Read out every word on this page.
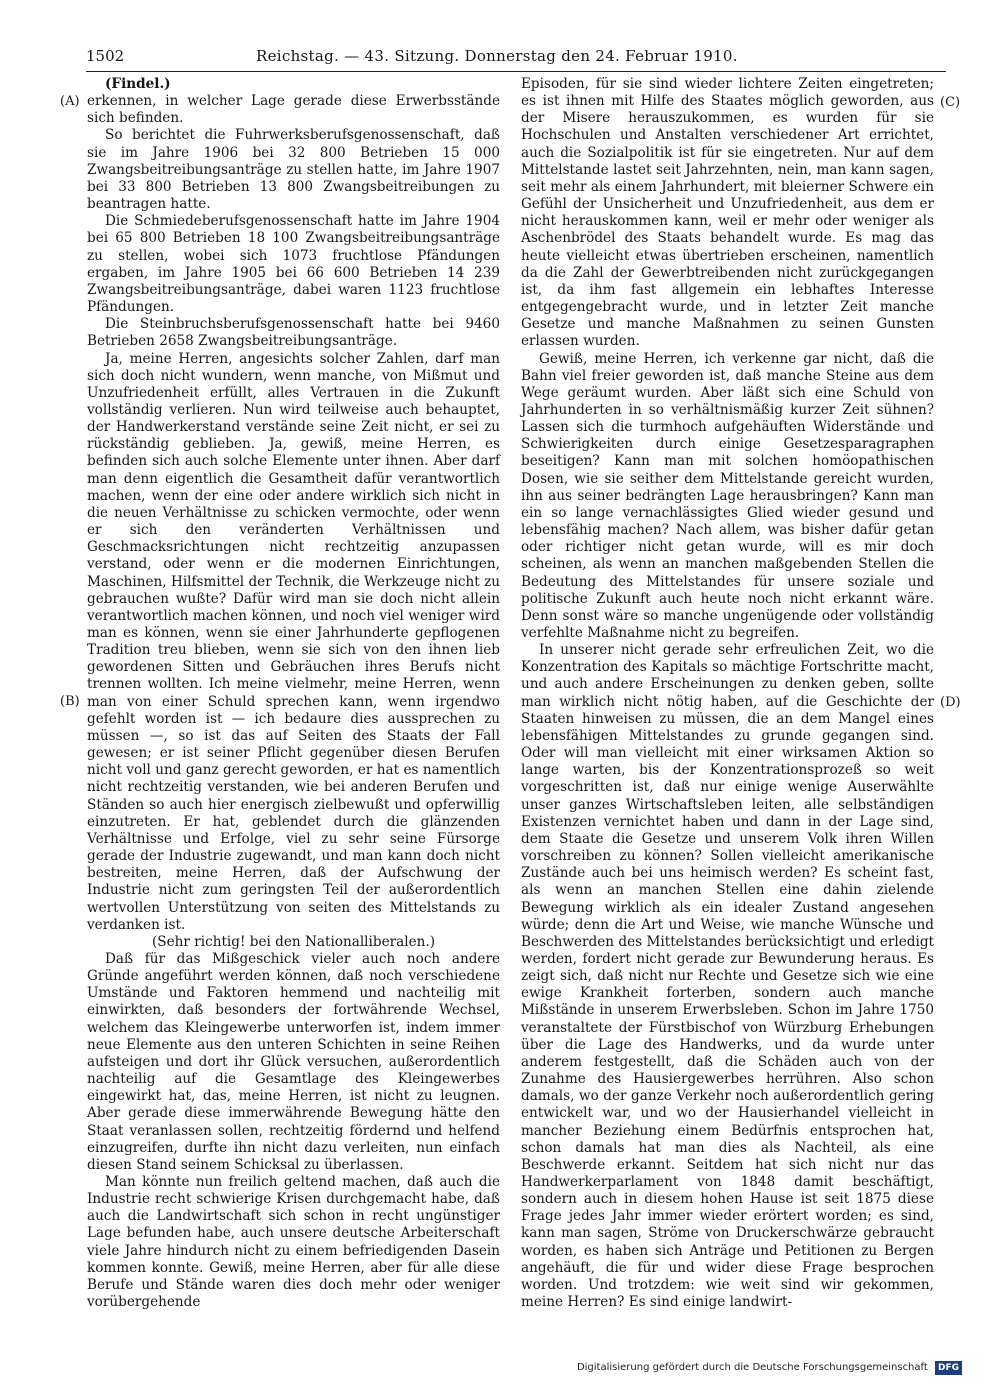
1502	Reichstag. — 43. Sitzung. Donnerstag den 24. Februar 1910.
(A)
(B)
(C)
(D)

(Findel.)

erkennen, in welcher Lage gerade diese Erwerbsstände sich befinden.

So berichtet die Fuhrwerksberufsgenossenschaft, daß sie im Jahre 1906 bei 32 800 Betrieben 15 000 Zwangsbeitreibungsanträge zu stellen hatte, im Jahre 1907 bei 33 800 Betrieben 13 800 Zwangsbeitreibungen zu beantragen hatte.

Die Schmiedeberufsgenossenschaft hatte im Jahre 1904 bei 65 800 Betrieben 18 100 Zwangsbeitreibungsanträge zu stellen, wobei sich 1073 fruchtlose Pfändungen ergaben, im Jahre 1905 bei 66 600 Betrieben 14 239 Zwangsbeitreibungsanträge, dabei waren 1123 fruchtlose Pfändungen.

Die Steinbruchsberufsgenossenschaft hatte bei 9460 Betrieben 2658 Zwangsbeitreibungsanträge.

Ja, meine Herren, angesichts solcher Zahlen, darf man sich doch nicht wundern, wenn manche, von Mißmut und Unzufriedenheit erfüllt, alles Vertrauen in die Zukunft vollständig verlieren. Nun wird teilweise auch behauptet, der Handwerkerstand verstände seine Zeit nicht, er sei zu rückständig geblieben. Ja, gewiß, meine Herren, es befinden sich auch solche Elemente unter ihnen. Aber darf man denn eigentlich die Gesamtheit dafür verantwortlich machen, wenn der eine oder andere wirklich sich nicht in die neuen Verhältnisse zu schicken vermochte, oder wenn er sich den veränderten Verhältnissen und Geschmacksrichtungen nicht rechtzeitig anzupassen verstand, oder wenn er die modernen Einrichtungen, Maschinen, Hilfsmittel der Technik, die Werkzeuge nicht zu gebrauchen wußte? Dafür wird man sie doch nicht allein verantwortlich machen können, und noch viel weniger wird man es können, wenn sie einer Jahrhunderte gepflogenen Tradition treu blieben, wenn sie sich von den ihnen lieb gewordenen Sitten und Gebräuchen ihres Berufs nicht trennen wollten. Ich meine vielmehr, meine Herren, wenn man von einer Schuld sprechen kann, wenn irgendwo gefehlt worden ist — ich bedaure dies aussprechen zu müssen —, so ist das auf Seiten des Staats der Fall gewesen; er ist seiner Pflicht gegenüber diesen Berufen nicht voll und ganz gerecht geworden, er hat es namentlich nicht rechtzeitig verstanden, wie bei anderen Berufen und Ständen so auch hier energisch zielbewußt und opferwillig einzutreten. Er hat, geblendet durch die glänzenden Verhältnisse und Erfolge, viel zu sehr seine Fürsorge gerade der Industrie zugewandt, und man kann doch nicht bestreiten, meine Herren, daß der Aufschwung der Industrie nicht zum geringsten Teil der außerordentlich wertvollen Unterstützung von seiten des Mittelstands zu verdanken ist.

(Sehr richtig! bei den Nationalliberalen.)

Daß für das Mißgeschick vieler auch noch andere Gründe angeführt werden können, daß noch verschiedene Umstände und Faktoren hemmend und nachteilig mit einwirkten, daß besonders der fortwährende Wechsel, welchem das Kleingewerbe unterworfen ist, indem immer neue Elemente aus den unteren Schichten in seine Reihen aufsteigen und dort ihr Glück versuchen, außerordentlich nachteilig auf die Gesamtlage des Kleingewerbes eingewirkt hat, das, meine Herren, ist nicht zu leugnen. Aber gerade diese immerwährende Bewegung hätte den Staat veranlassen sollen, rechtzeitig fördernd und helfend einzugreifen, durfte ihn nicht dazu verleiten, nun einfach diesen Stand seinem Schicksal zu überlassen.

Man könnte nun freilich geltend machen, daß auch die Industrie recht schwierige Krisen durchgemacht habe, daß auch die Landwirtschaft sich schon in recht ungünstiger Lage befunden habe, auch unsere deutsche Arbeiterschaft viele Jahre hindurch nicht zu einem befriedigenden Dasein kommen konnte. Gewiß, meine Herren, aber für alle diese Berufe und Stände waren dies doch mehr oder weniger vorübergehende

Episoden, für sie sind wieder lichtere Zeiten eingetreten; es ist ihnen mit Hilfe des Staates möglich geworden, aus der Misere herauszukommen, es wurden für sie Hochschulen und Anstalten verschiedener Art errichtet, auch die Sozialpolitik ist für sie eingetreten. Nur auf dem Mittelstande lastet seit Jahrzehnten, nein, man kann sagen, seit mehr als einem Jahrhundert, mit bleierner Schwere ein Gefühl der Unsicherheit und Unzufriedenheit, aus dem er nicht herauskommen kann, weil er mehr oder weniger als Aschenbrödel des Staats behandelt wurde. Es mag das heute vielleicht etwas übertrieben erscheinen, namentlich da die Zahl der Gewerbtreibenden nicht zurückgegangen ist, da ihm fast allgemein ein lebhaftes Interesse entgegengebracht wurde, und in letzter Zeit manche Gesetze und manche Maßnahmen zu seinen Gunsten erlassen wurden.

Gewiß, meine Herren, ich verkenne gar nicht, daß die Bahn viel freier geworden ist, daß manche Steine aus dem Wege geräumt wurden. Aber läßt sich eine Schuld von Jahrhunderten in so verhältnismäßig kurzer Zeit sühnen? Lassen sich die turmhoch aufgehäuften Widerstände und Schwierigkeiten durch einige Gesetzesparagraphen beseitigen? Kann man mit solchen homöopathischen Dosen, wie sie seither dem Mittelstande gereicht wurden, ihn aus seiner bedrängten Lage herausbringen? Kann man ein so lange vernachlässigtes Glied wieder gesund und lebensfähig machen? Nach allem, was bisher dafür getan oder richtiger nicht getan wurde, will es mir doch scheinen, als wenn an manchen maßgebenden Stellen die Bedeutung des Mittelstandes für unsere soziale und politische Zukunft auch heute noch nicht erkannt wäre. Denn sonst wäre so manche ungenügende oder vollständig verfehlte Maßnahme nicht zu begreifen.

In unserer nicht gerade sehr erfreulichen Zeit, wo die Konzentration des Kapitals so mächtige Fortschritte macht, und auch andere Erscheinungen zu denken geben, sollte man wirklich nicht nötig haben, auf die Geschichte der Staaten hinweisen zu müssen, die an dem Mangel eines lebensfähigen Mittelstandes zu grunde gegangen sind. Oder will man vielleicht mit einer wirksamen Aktion so lange warten, bis der Konzentrationsprozeß so weit vorgeschritten ist, daß nur einige wenige Auserwählte unser ganzes Wirtschaftsleben leiten, alle selbständigen Existenzen vernichtet haben und dann in der Lage sind, dem Staate die Gesetze und unserem Volk ihren Willen vorschreiben zu können? Sollen vielleicht amerikanische Zustände auch bei uns heimisch werden? Es scheint fast, als wenn an manchen Stellen eine dahin zielende Bewegung wirklich als ein idealer Zustand angesehen würde; denn die Art und Weise, wie manche Wünsche und Beschwerden des Mittelstandes berücksichtigt und erledigt werden, fordert nicht gerade zur Bewunderung heraus. Es zeigt sich, daß nicht nur Rechte und Gesetze sich wie eine ewige Krankheit forterben, sondern auch manche Mißstände in unserem Erwerbsleben. Schon im Jahre 1750 veranstaltete der Fürstbischof von Würzburg Erhebungen über die Lage des Handwerks, und da wurde unter anderem festgestellt, daß die Schäden auch von der Zunahme des Hausiergewerbes herrühren. Also schon damals, wo der ganze Verkehr noch außerordentlich gering entwickelt war, und wo der Hausierhandel vielleicht in mancher Beziehung einem Bedürfnis entsprochen hat, schon damals hat man dies als Nachteil, als eine Beschwerde erkannt. Seitdem hat sich nicht nur das Handwerkerparlament von 1848 damit beschäftigt, sondern auch in diesem hohen Hause ist seit 1875 diese Frage jedes Jahr immer wieder erörtert worden; es sind, kann man sagen, Ströme von Druckerschwärze gebraucht worden, es haben sich Anträge und Petitionen zu Bergen angehäuft, die für und wider diese Frage besprochen worden. Und trotzdem: wie weit sind wir gekommen, meine Herren? Es sind einige landwirt-

Digitalisierung gefördert durch die Deutsche Forschungsgemeinschaft DFG
